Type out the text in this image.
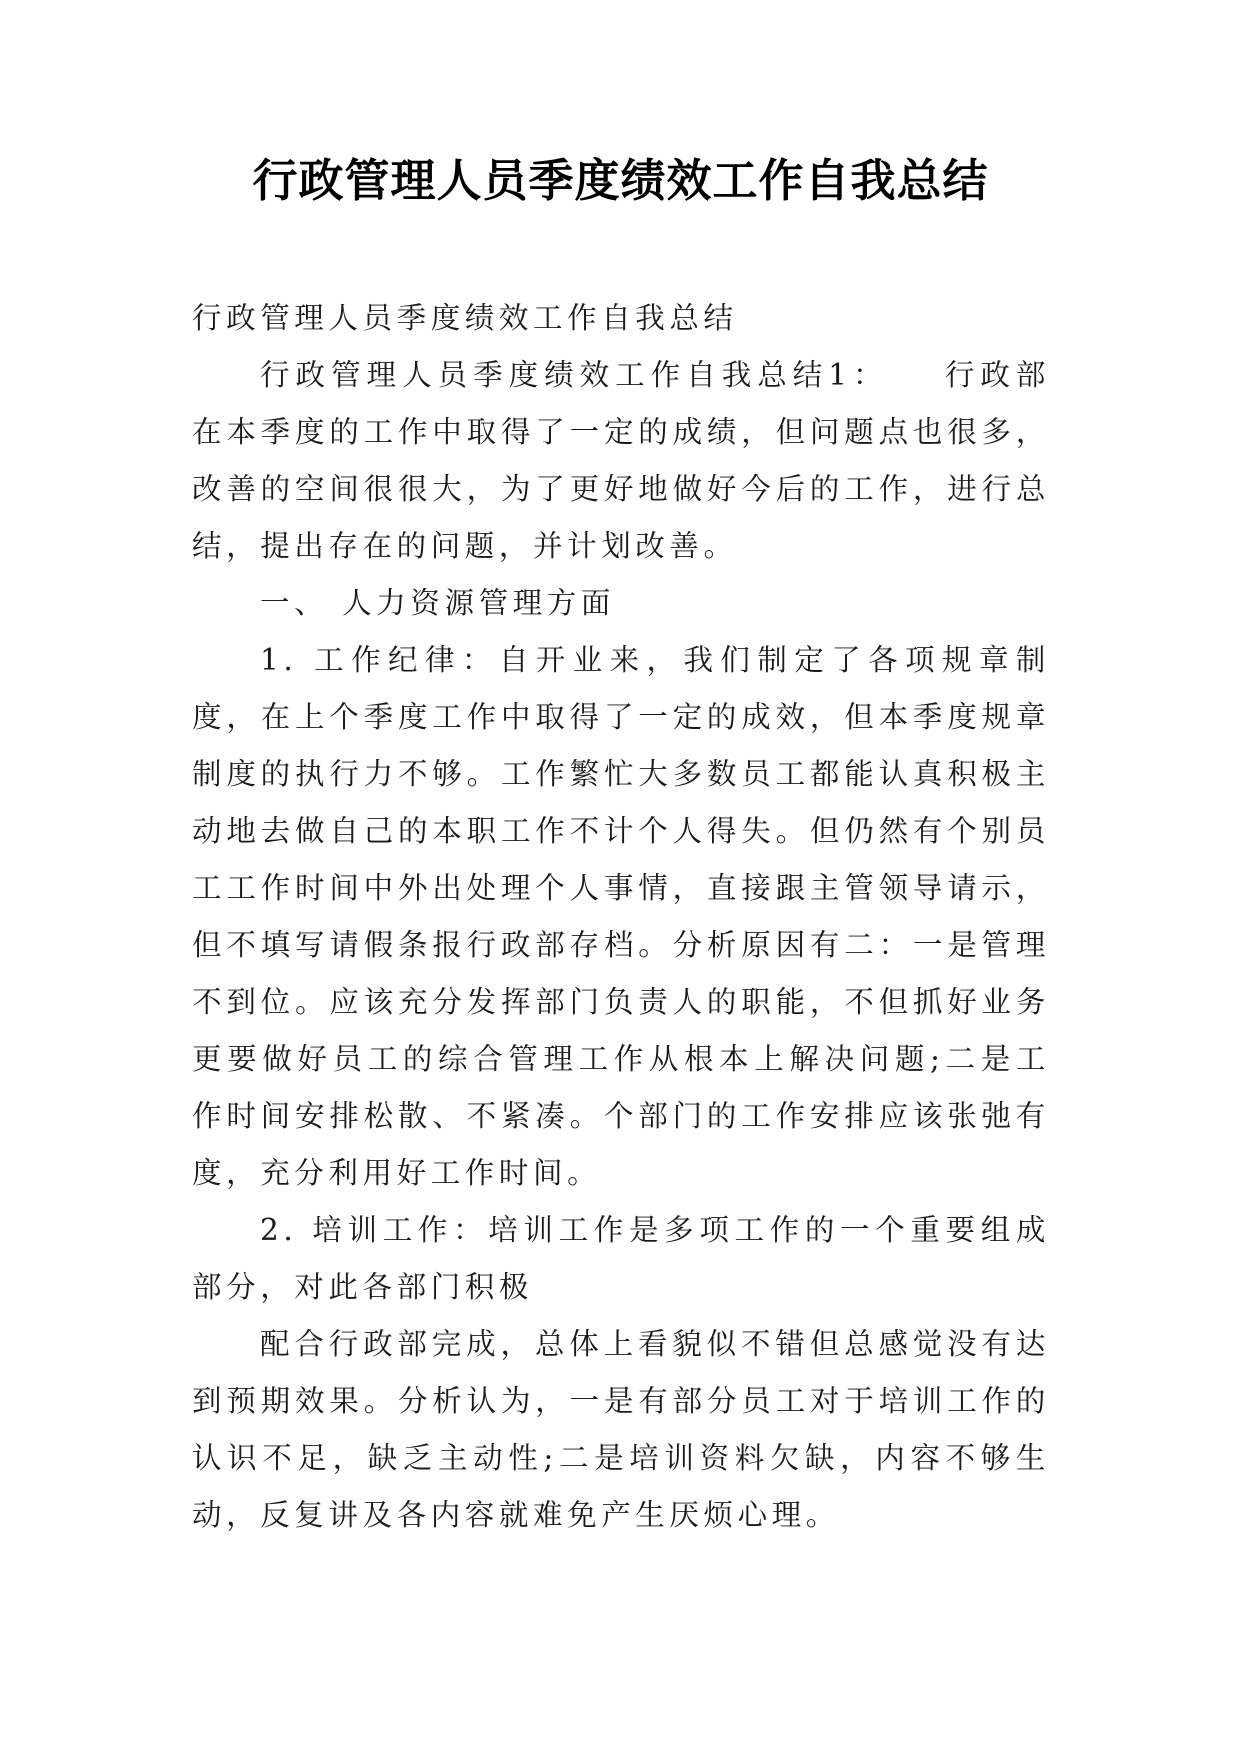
行政管理人员季度绩效工作自我总结

行政管理人员季度绩效工作自我总结

行政管理人员季度绩效工作自我总结1：　　行政部在本季度的工作中取得了一定的成绩，但问题点也很多，改善的空间很很大，为了更好地做好今后的工作，进行总结，提出存在的问题，并计划改善。

一、 人力资源管理方面

1. 工作纪律：自开业来，我们制定了各项规章制度，在上个季度工作中取得了一定的成效，但本季度规章制度的执行力不够。工作繁忙大多数员工都能认真积极主动地去做自己的本职工作不计个人得失。但仍然有个别员工工作时间中外出处理个人事情，直接跟主管领导请示，但不填写请假条报行政部存档。分析原因有二：一是管理不到位。应该充分发挥部门负责人的职能，不但抓好业务更要做好员工的综合管理工作从根本上解决问题;二是工作时间安排松散、不紧凑。个部门的工作安排应该张弛有度，充分利用好工作时间。

2. 培训工作：培训工作是多项工作的一个重要组成部分，对此各部门积极

配合行政部完成，总体上看貌似不错但总感觉没有达到预期效果。分析认为，一是有部分员工对于培训工作的认识不足，缺乏主动性;二是培训资料欠缺，内容不够生动，反复讲及各内容就难免产生厌烦心理。
